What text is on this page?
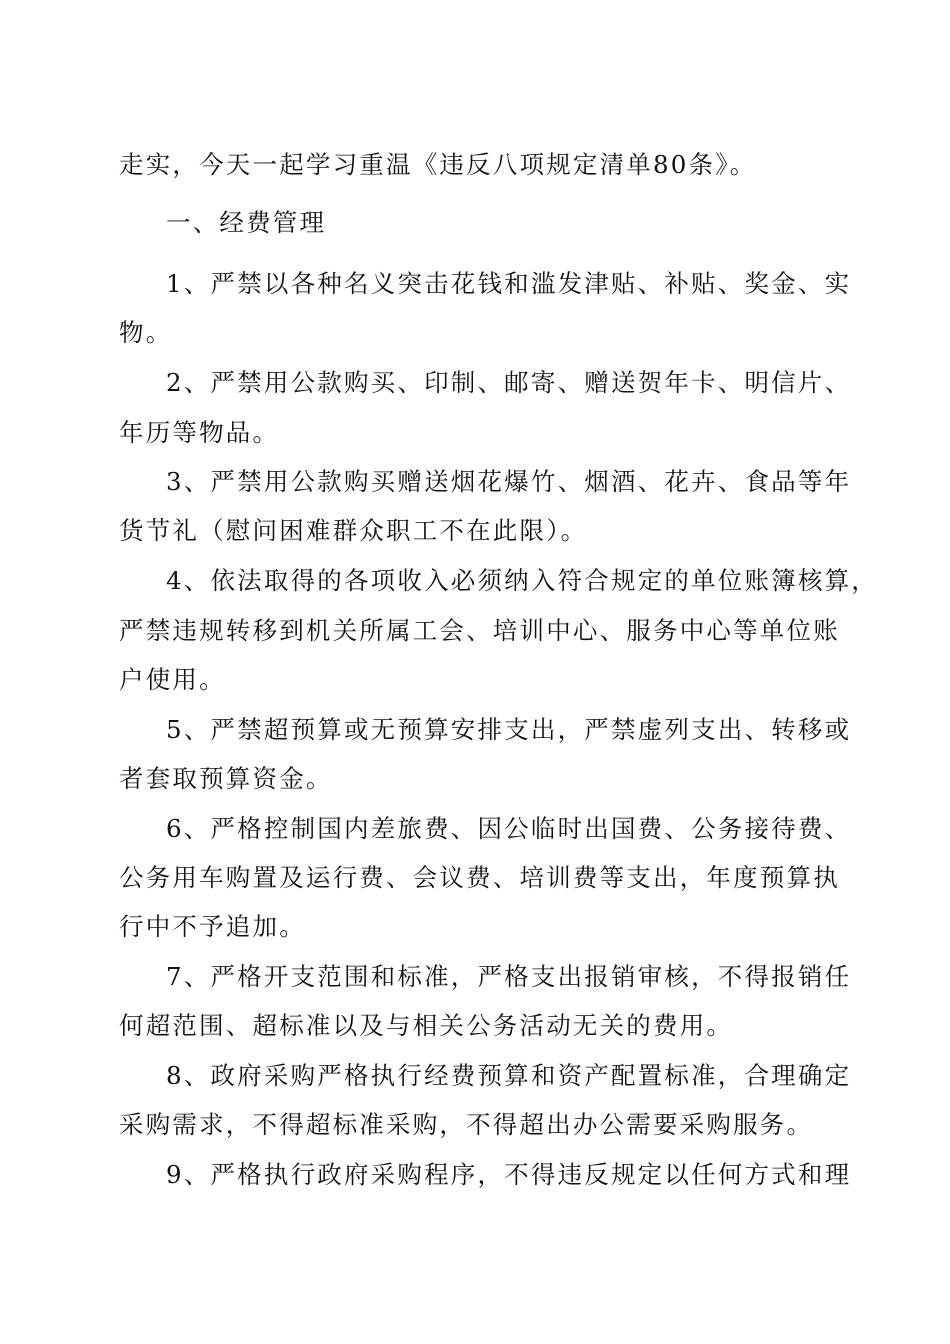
走实，今天一起学习重温《违反八项规定清单80条》。
一、经费管理
1、严禁以各种名义突击花钱和滥发津贴、补贴、奖金、实
物。
2、严禁用公款购买、印制、邮寄、赠送贺年卡、明信片、
年历等物品。
3、严禁用公款购买赠送烟花爆竹、烟酒、花卉、食品等年
货节礼（慰问困难群众职工不在此限）。
4、依法取得的各项收入必须纳入符合规定的单位账簿核算，
严禁违规转移到机关所属工会、培训中心、服务中心等单位账
户使用。
5、严禁超预算或无预算安排支出，严禁虚列支出、转移或
者套取预算资金。
6、严格控制国内差旅费、因公临时出国费、公务接待费、
公务用车购置及运行费、会议费、培训费等支出，年度预算执
行中不予追加。
7、严格开支范围和标准，严格支出报销审核，不得报销任
何超范围、超标准以及与相关公务活动无关的费用。
8、政府采购严格执行经费预算和资产配置标准，合理确定
采购需求，不得超标准采购，不得超出办公需要采购服务。
9、严格执行政府采购程序，不得违反规定以任何方式和理
